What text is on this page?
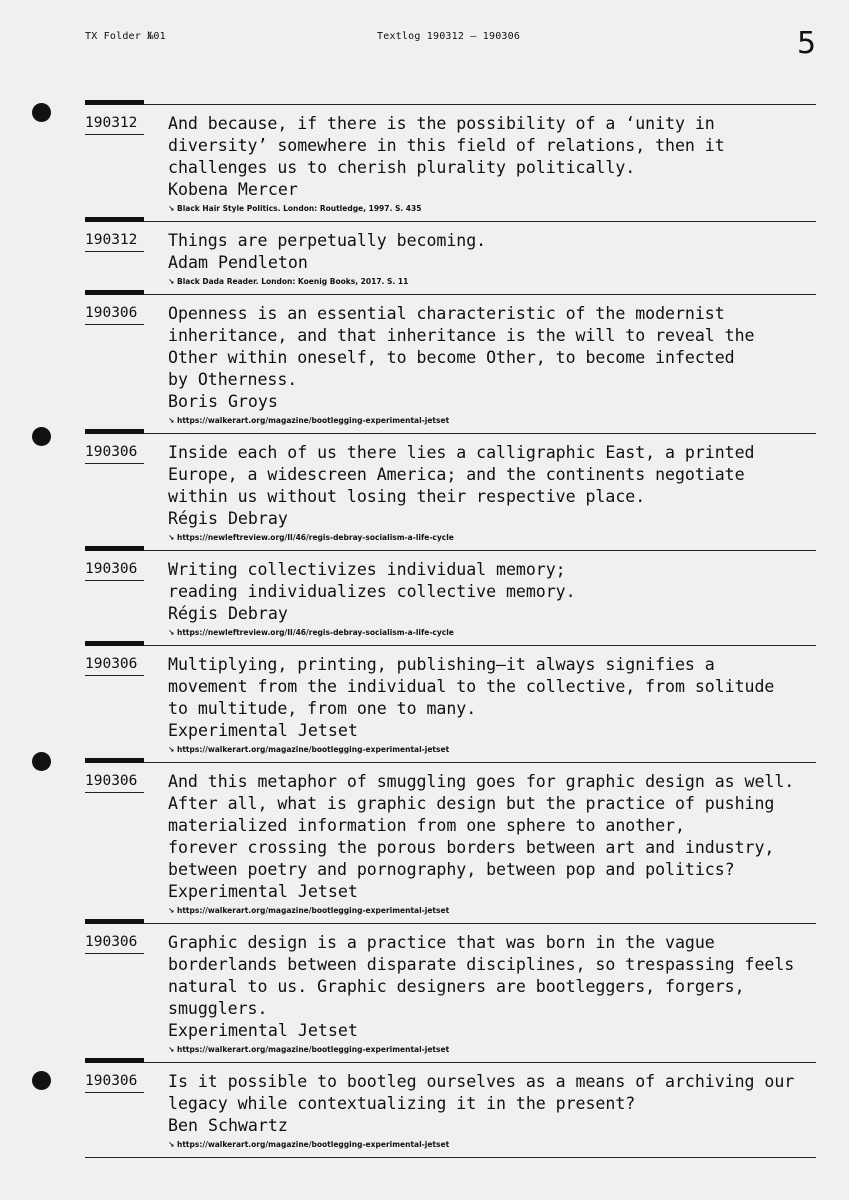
TX Folder №01	Textlog 190312 — 190306	5
190312	And because, if there is the possibility of a ‘unity in
diversity’ somewhere in this field of relations, then it
challenges us to cherish plurality politically.
Kobena Mercer
↘ Black Hair Style Politics. London: Routledge, 1997. S. 435
190312	Things are perpetually becoming.
Adam Pendleton
↘ Black Dada Reader. London: Koenig Books, 2017. S. 11
190306	Openness is an essential characteristic of the modernist
inheritance, and that inheritance is the will to reveal the
Other within oneself, to become Other, to become infected
by Otherness.
Boris Groys
↘ https://walkerart.org/magazine/bootlegging-experimental-jetset
190306	Inside each of us there lies a calligraphic East, a printed
Europe, a widescreen America; and the continents negotiate
within us without losing their respective place.
Régis Debray
↘ https://newleftreview.org/II/46/regis-debray-socialism-a-life-cycle
190306	Writing collectivizes individual memory;
reading individualizes collective memory.
Régis Debray
↘ https://newleftreview.org/II/46/regis-debray-socialism-a-life-cycle
190306	Multiplying, printing, publishing—it always signifies a
movement from the individual to the collective, from solitude
to multitude, from one to many.
Experimental Jetset
↘ https://walkerart.org/magazine/bootlegging-experimental-jetset
190306	And this metaphor of smuggling goes for graphic design as well.
After all, what is graphic design but the practice of pushing
materialized information from one sphere to another,
forever crossing the porous borders between art and industry,
between poetry and pornography, between pop and politics?
Experimental Jetset
↘ https://walkerart.org/magazine/bootlegging-experimental-jetset
190306	Graphic design is a practice that was born in the vague
borderlands between disparate disciplines, so trespassing feels
natural to us. Graphic designers are bootleggers, forgers,
smugglers.
Experimental Jetset
↘ https://walkerart.org/magazine/bootlegging-experimental-jetset
190306	Is it possible to bootleg ourselves as a means of archiving our
legacy while contextualizing it in the present?
Ben Schwartz
↘ https://walkerart.org/magazine/bootlegging-experimental-jetset
